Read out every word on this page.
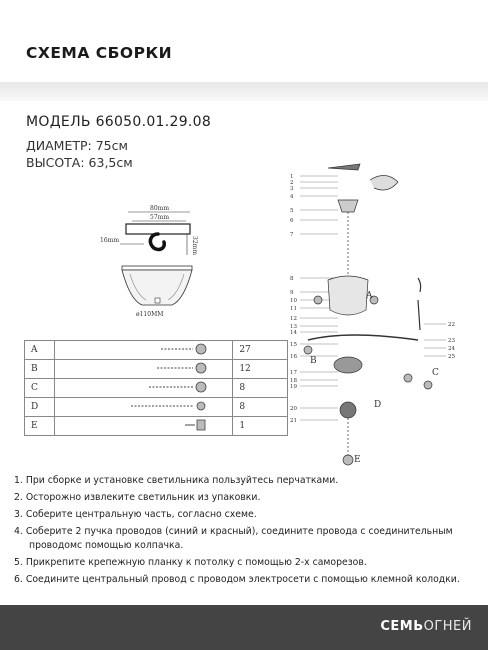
СХЕМА СБОРКИ
МОДЕЛЬ 66050.01.29.08
ДИАМЕТР: 75см
ВЫСОТА: 63,5см
80mm
57mm
16mm	32mm
ø110MM
A		27
B		12
C		8
D		8
E		1
1
2
3
4
5
6
7
8
9
10
11
12
13
14
15
16
17
18
19
20
21
22
23
24
25
A
B
C
D
E
1. При сборке и установке светильника пользуйтесь перчатками.
2. Осторожно извлеките светильник из упаковки.
3. Соберите центральную часть, согласно схеме.
4. Соберите 2 пучка проводов (синий и красный), соедините провода с соединительным
проводомс помощью колпачка.
5. Прикрепите крепежную планку к потолку с помощью 2-х саморезов.
6. Соедините центральный провод с проводом электросети с помощью клемной колодки.
СЕМЬОГНЕЙ
